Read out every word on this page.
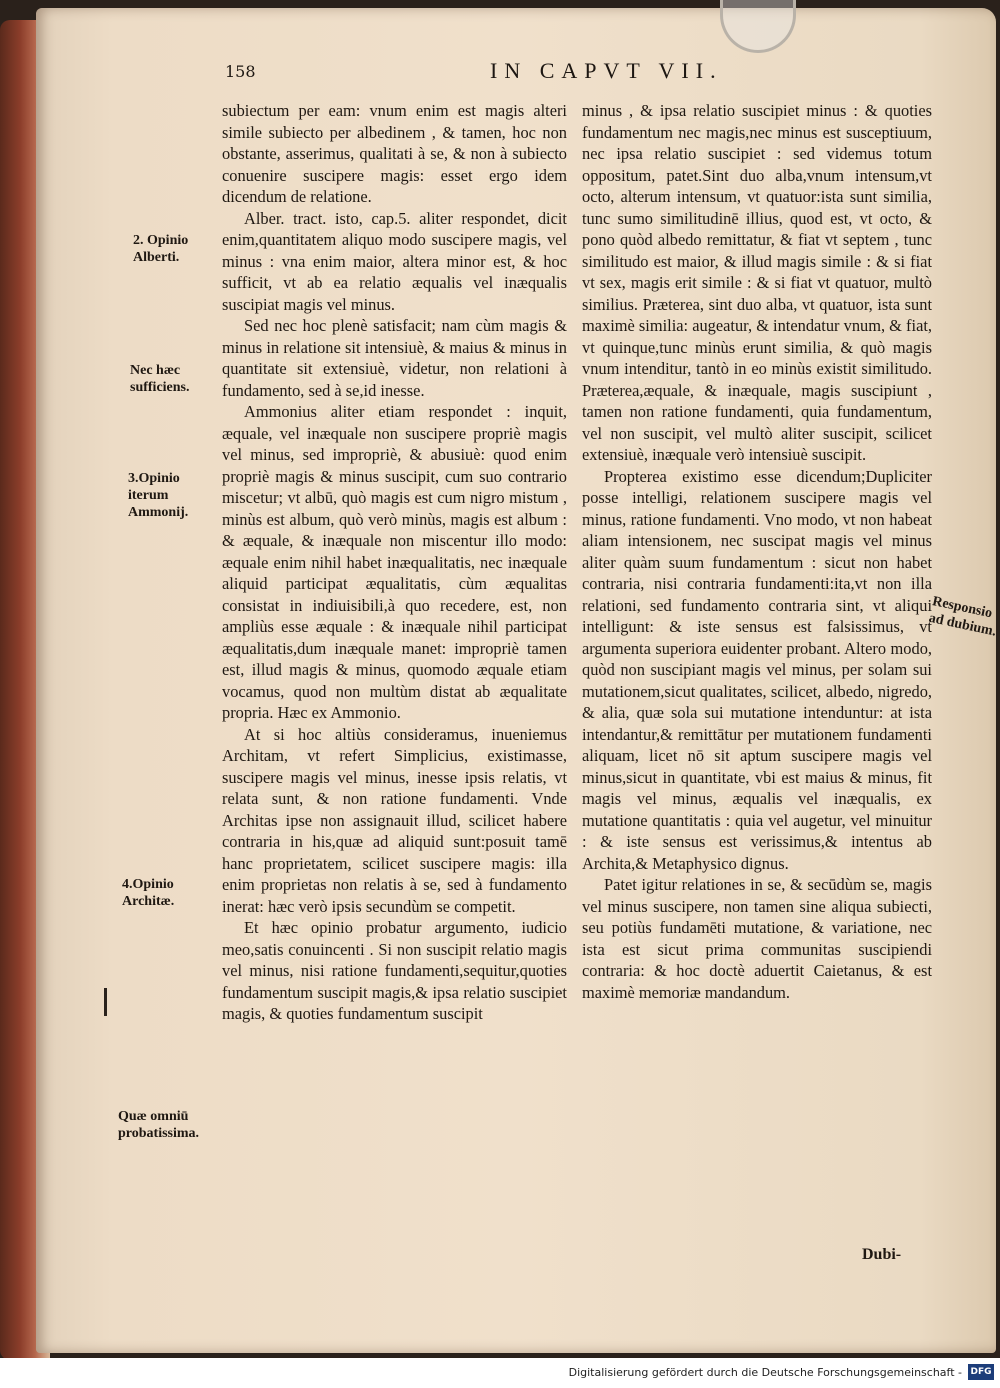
158	IN CAPVT VII.
2. Opinio Alberti.
Nec hæc sufficiens.
3.Opinio iterum Ammonij.
4.Opinio Architæ.
Quæ omniū probatissima.
Responsio ad dubium.

subiectum per eam: vnum enim est magis alteri simile subiecto per albedinem , & tamen, hoc non obstante, asserimus, qualitati à se, & non à subiecto conuenire suscipere magis: esset ergo idem dicendum de relatione.

Alber. tract. isto, cap.5. aliter respondet, dicit enim,quantitatem aliquo modo suscipere magis, vel minus : vna enim maior, altera minor est, & hoc sufficit, vt ab ea relatio æqualis vel inæqualis suscipiat magis vel minus.

Sed nec hoc plenè satisfacit; nam cùm magis & minus in relatione sit intensiuè, & maius & minus in quantitate sit extensiuè, videtur, non relationi à fundamento, sed à se,id inesse.

Ammonius aliter etiam respondet : inquit, æquale, vel inæquale non suscipere propriè magis vel minus, sed impropriè, & abusiuè: quod enim propriè magis & minus suscipit, cum suo contrario miscetur; vt albū, quò magis est cum nigro mistum , minùs est album, quò verò minùs, magis est album : & æquale, & inæquale non miscentur illo modo: æquale enim nihil habet inæqualitatis, nec inæquale aliquid participat æqualitatis, cùm æqualitas consistat in indiuisibili,à quo recedere, est, non ampliùs esse æquale : & inæquale nihil participat æqualitatis,dum inæquale manet: impropriè tamen est, illud magis & minus, quomodo æquale etiam vocamus, quod non multùm distat ab æqualitate propria. Hæc ex Ammonio.

At si hoc altiùs consideramus, inueniemus Architam, vt refert Simplicius, existimasse, suscipere magis vel minus, inesse ipsis relatis, vt relata sunt, & non ratione fundamenti. Vnde Architas ipse non assignauit illud, scilicet habere contraria in his,quæ ad aliquid sunt:posuit tamē hanc proprietatem, scilicet suscipere magis: illa enim proprietas non relatis à se, sed à fundamento inerat: hæc verò ipsis secundùm se competit.

Et hæc opinio probatur argumento, iudicio meo,satis conuincenti . Si non suscipit relatio magis vel minus, nisi ratione fundamenti,sequitur,quoties fundamentum suscipit magis,& ipsa relatio suscipiet magis, & quoties fundamentum suscipit

minus , & ipsa relatio suscipiet minus : & quoties fundamentum nec magis,nec minus est susceptiuum, nec ipsa relatio suscipiet : sed videmus totum oppositum, patet.Sint duo alba,vnum intensum,vt octo, alterum intensum, vt quatuor:ista sunt similia, tunc sumo similitudinē illius, quod est, vt octo, & pono quòd albedo remittatur, & fiat vt septem , tunc similitudo est maior, & illud magis simile : & si fiat vt sex, magis erit simile : & si fiat vt quatuor, multò similius. Præterea, sint duo alba, vt quatuor, ista sunt maximè similia: augeatur, & intendatur vnum, & fiat, vt quinque,tunc minùs erunt similia, & quò magis vnum intenditur, tantò in eo minùs existit similitudo. Præterea,æquale, & inæquale, magis suscipiunt , tamen non ratione fundamenti, quia fundamentum, vel non suscipit, vel multò aliter suscipit, scilicet extensiuè, inæquale verò intensiuè suscipit.

Propterea existimo esse dicendum;Dupliciter posse intelligi, relationem suscipere magis vel minus, ratione fundamenti. Vno modo, vt non habeat aliam intensionem, nec suscipat magis vel minus aliter quàm suum fundamentum : sicut non habet contraria, nisi contraria fundamenti:ita,vt non illa relationi, sed fundamento contraria sint, vt aliqui intelligunt: & iste sensus est falsissimus, vt argumenta superiora euidenter probant. Altero modo, quòd non suscipiant magis vel minus, per solam sui mutationem,sicut qualitates, scilicet, albedo, nigredo, & alia, quæ sola sui mutatione intenduntur: at ista intendantur,& remittātur per mutationem fundamenti aliquam, licet nō sit aptum suscipere magis vel minus,sicut in quantitate, vbi est maius & minus, fit magis vel minus, æqualis vel inæqualis, ex mutatione quantitatis : quia vel augetur, vel minuitur : & iste sensus est verissimus,& intentus ab Archita,& Metaphysico dignus.

Patet igitur relationes in se, & secūdùm se, magis vel minus suscipere, non tamen sine aliqua subiecti, seu potiùs fundamēti mutatione, & variatione, nec ista est sicut prima communitas suscipiendi contraria: & hoc doctè aduertit Caietanus, & est maximè memoriæ mandandum.

Dubi-
Digitalisierung gefördert durch die Deutsche Forschungsgemeinschaft - DFG
